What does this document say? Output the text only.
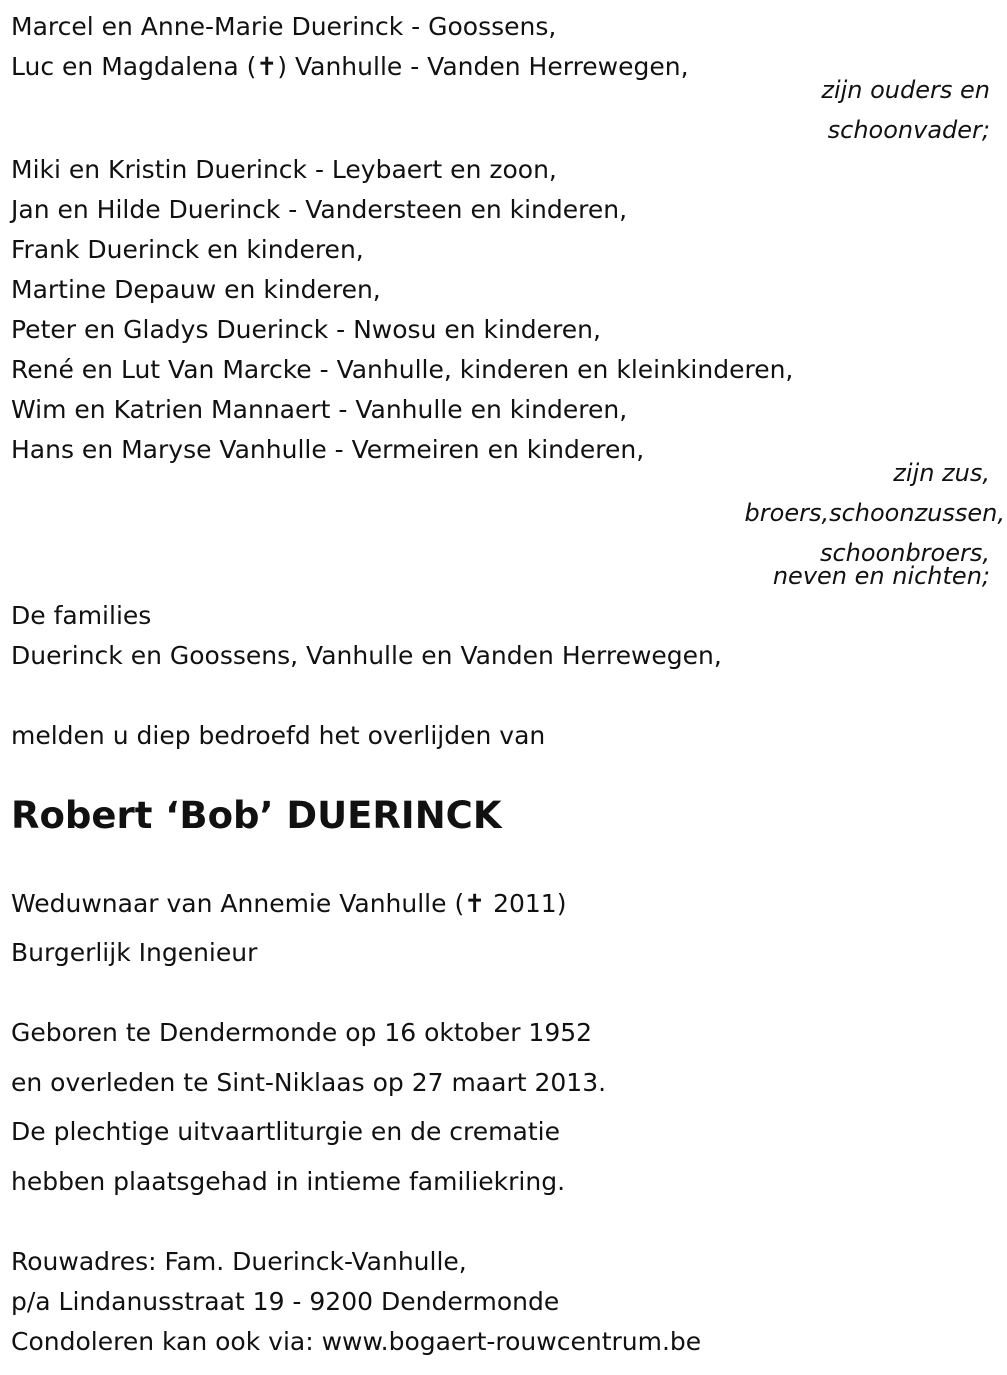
Marcel en Anne-Marie Duerinck - Goossens,
Luc en Magdalena (✝) Vanhulle - Vanden Herrewegen,
zijn ouders en
schoonvader;
Miki en Kristin Duerinck - Leybaert en zoon,
Jan en Hilde Duerinck - Vandersteen en kinderen,
Frank Duerinck en kinderen,
Martine Depauw en kinderen,
Peter en Gladys Duerinck - Nwosu en kinderen,
René en Lut Van Marcke - Vanhulle, kinderen en kleinkinderen,
Wim en Katrien Mannaert - Vanhulle en kinderen,
Hans en Maryse Vanhulle - Vermeiren en kinderen,
zijn zus,
broers,schoonzussen,
schoonbroers,
neven en nichten;
De families
Duerinck en Goossens, Vanhulle en Vanden Herrewegen,
melden u diep bedroefd het overlijden van
Robert ‘Bob’ DUERINCK
Weduwnaar van Annemie Vanhulle (✝ 2011)
Burgerlijk Ingenieur
Geboren te Dendermonde op 16 oktober 1952
en overleden te Sint-Niklaas op 27 maart 2013.
De plechtige uitvaartliturgie en de crematie
hebben plaatsgehad in intieme familiekring.
Rouwadres: Fam. Duerinck-Vanhulle,
p/a Lindanusstraat 19 - 9200 Dendermonde
Condoleren kan ook via: www.bogaert-rouwcentrum.be
